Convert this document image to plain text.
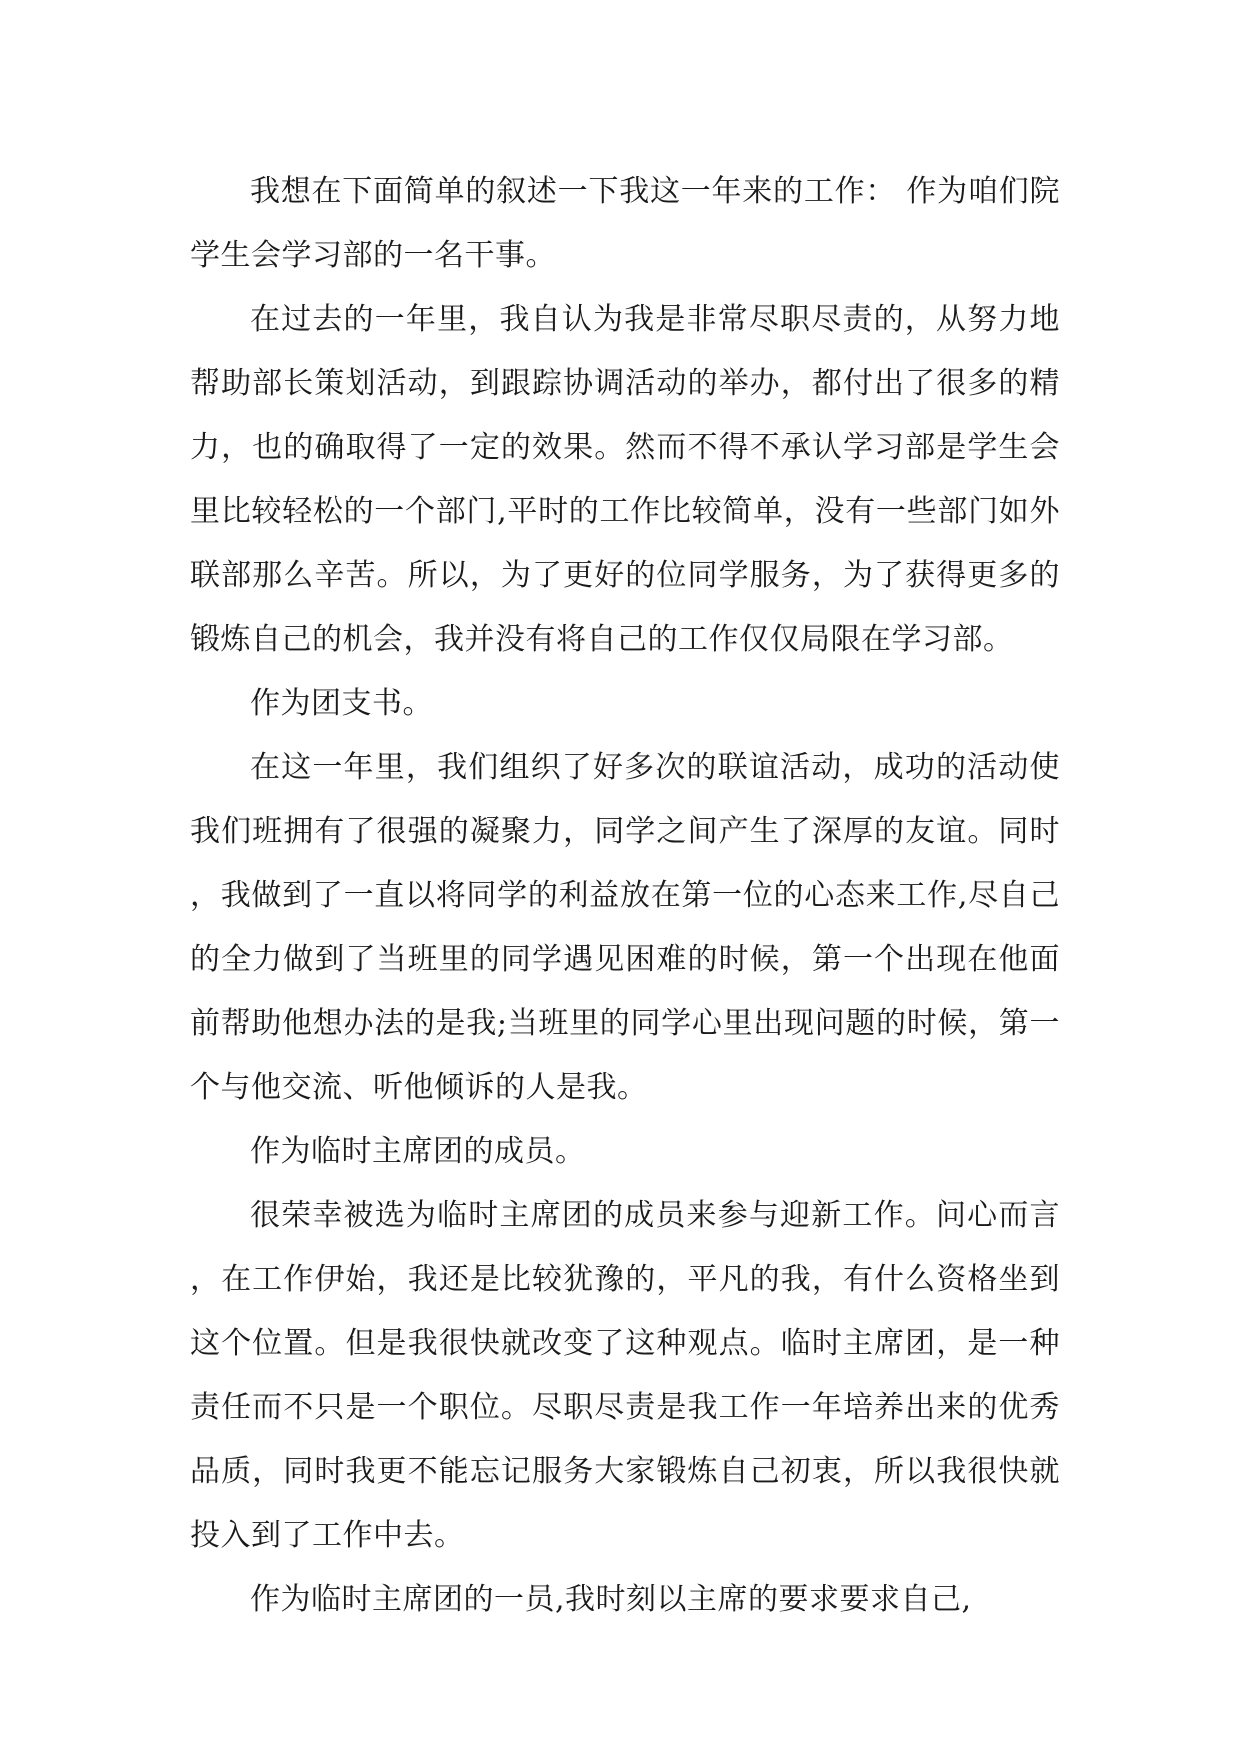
我想在下面简单的叙述一下我这一年来的工作： 作为咱们院学生会学习部的一名干事。

在过去的一年里，我自认为我是非常尽职尽责的，从努力地帮助部长策划活动，到跟踪协调活动的举办，都付出了很多的精力，也的确取得了一定的效果。然而不得不承认学习部是学生会里比较轻松的一个部门,平时的工作比较简单，没有一些部门如外联部那么辛苦。所以，为了更好的位同学服务，为了获得更多的锻炼自己的机会，我并没有将自己的工作仅仅局限在学习部。

作为团支书。

在这一年里，我们组织了好多次的联谊活动，成功的活动使我们班拥有了很强的凝聚力，同学之间产生了深厚的友谊。同时，我做到了一直以将同学的利益放在第一位的心态来工作,尽自己的全力做到了当班里的同学遇见困难的时候，第一个出现在他面前帮助他想办法的是我;当班里的同学心里出现问题的时候，第一个与他交流、听他倾诉的人是我。

作为临时主席团的成员。

很荣幸被选为临时主席团的成员来参与迎新工作。问心而言，在工作伊始，我还是比较犹豫的，平凡的我，有什么资格坐到这个位置。但是我很快就改变了这种观点。临时主席团，是一种责任而不只是一个职位。尽职尽责是我工作一年培养出来的优秀品质，同时我更不能忘记服务大家锻炼自己初衷，所以我很快就投入到了工作中去。

作为临时主席团的一员,我时刻以主席的要求要求自己,
